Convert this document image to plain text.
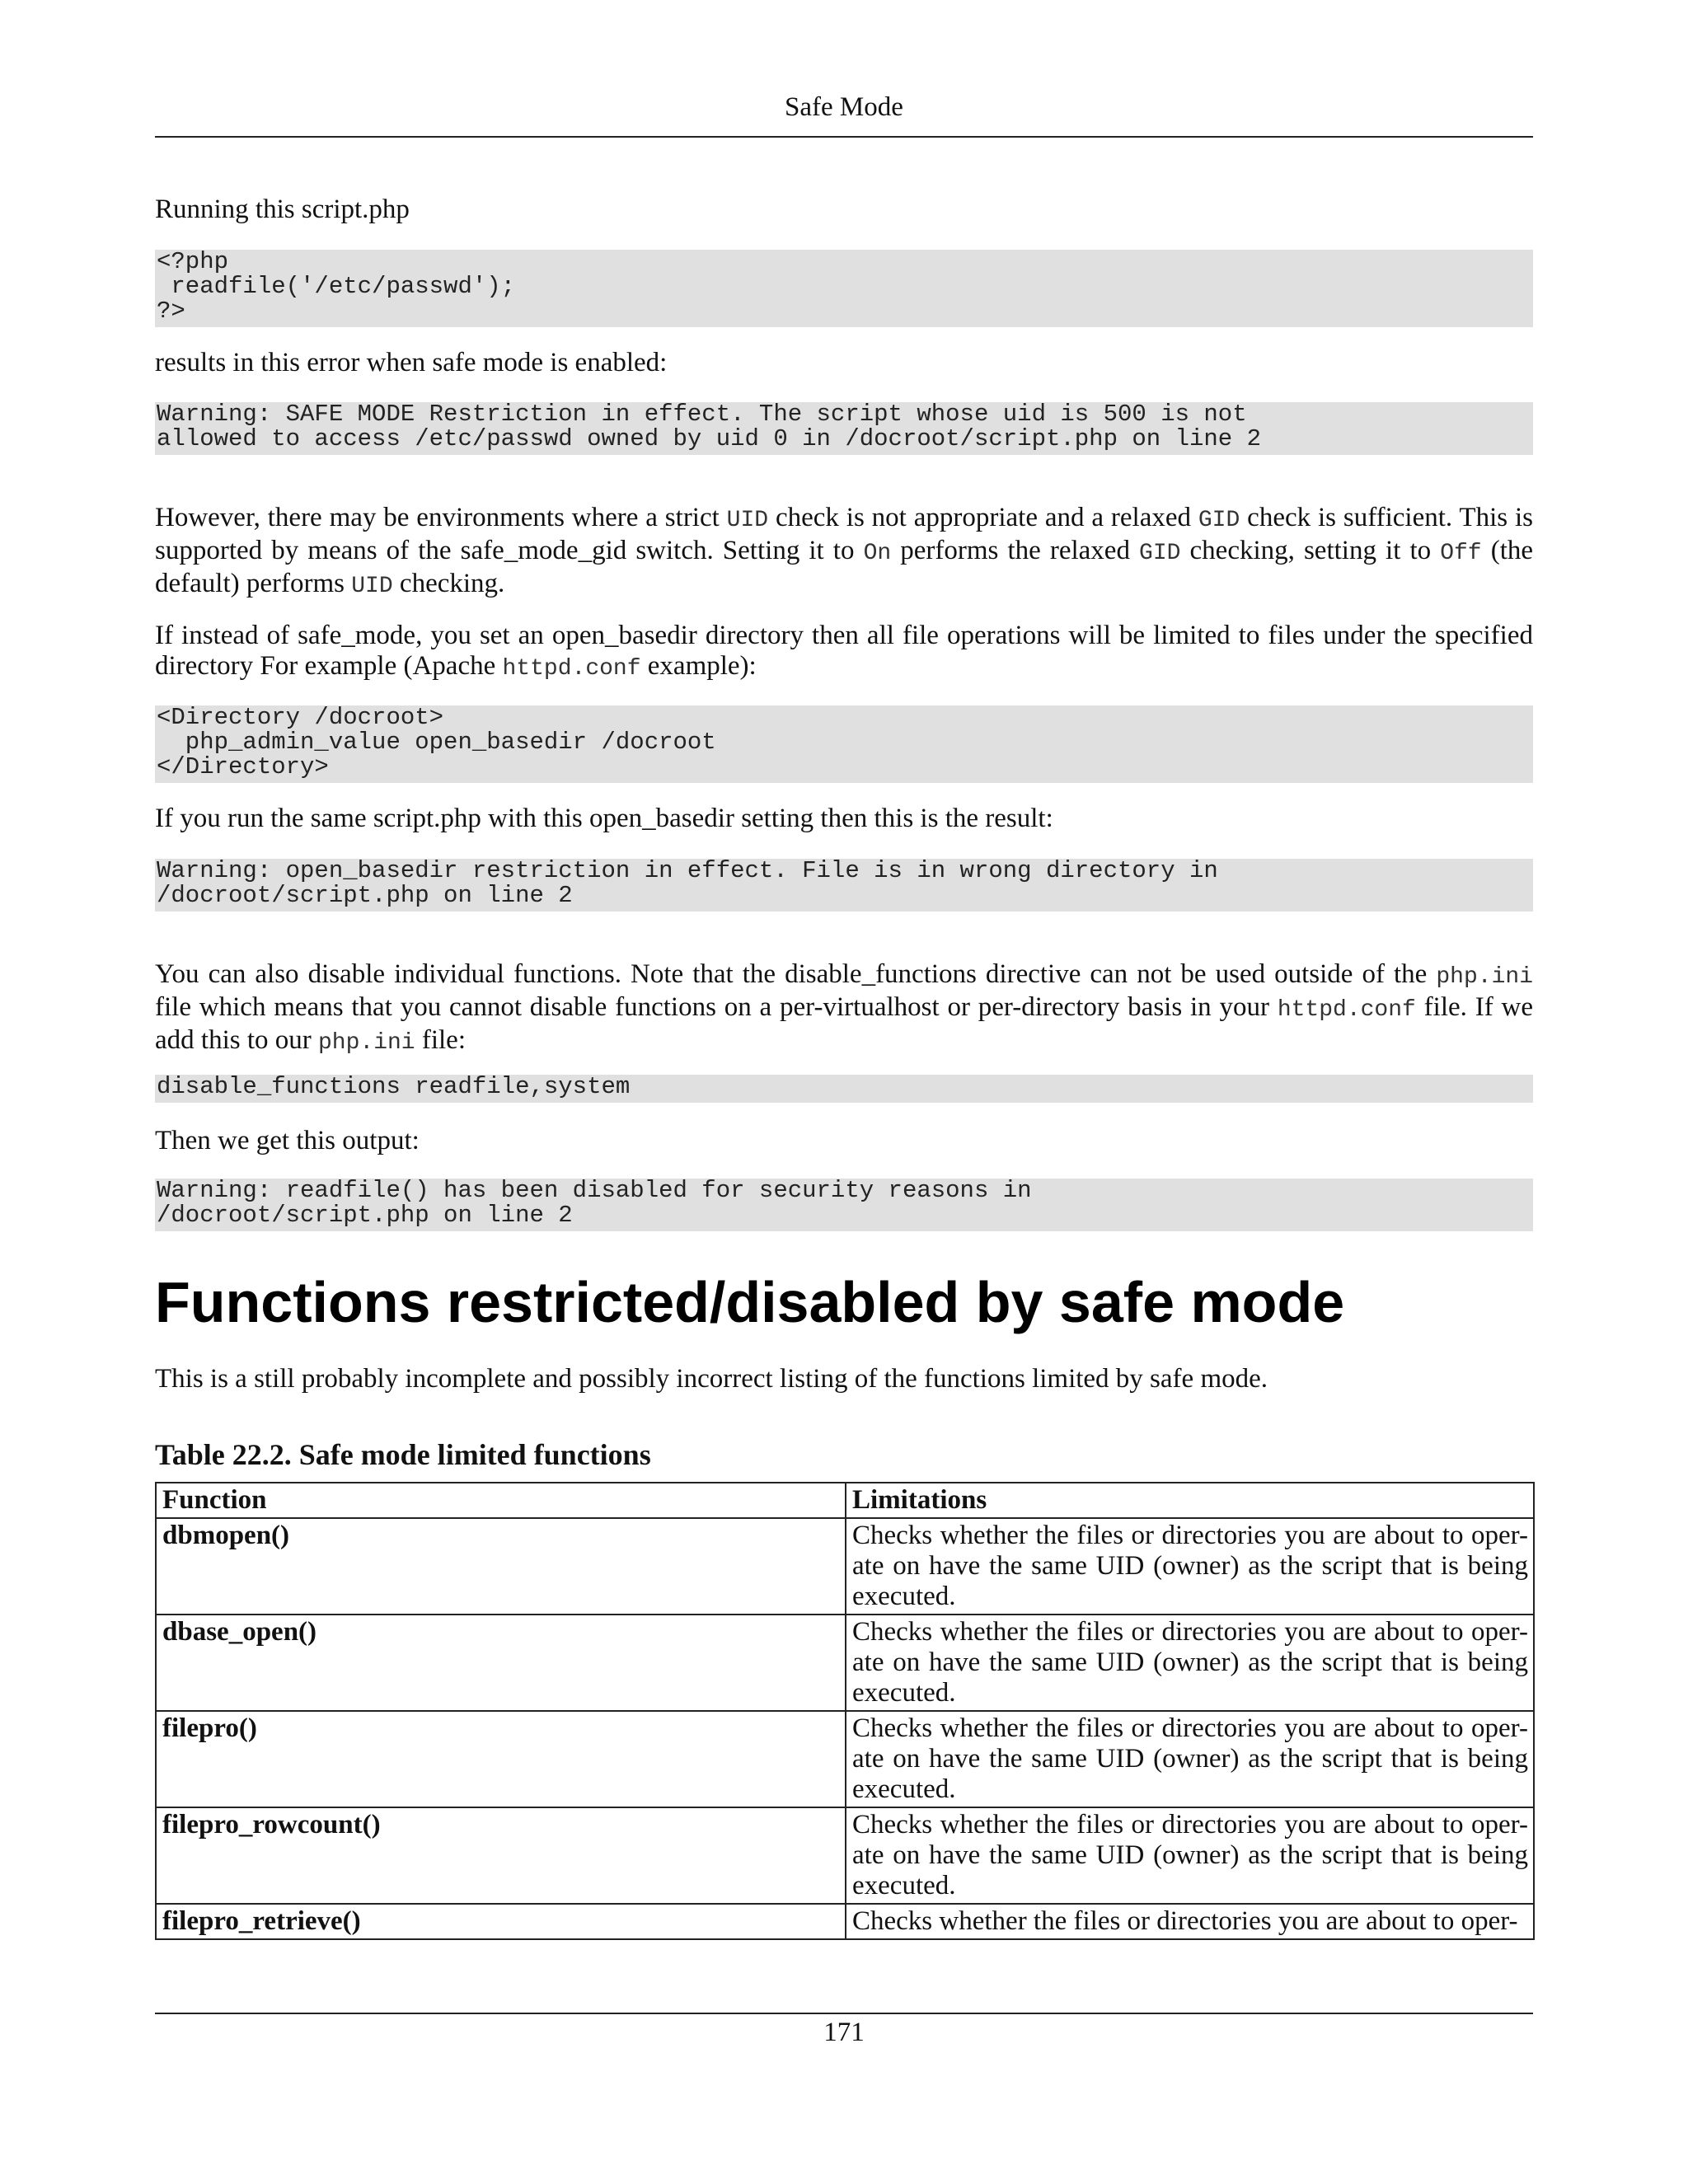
Safe Mode

Running this script.php

<?php
readfile('/etc/passwd');
?>

results in this error when safe mode is enabled:

Warning: SAFE MODE Restriction in effect. The script whose uid is 500 is not
allowed to access /etc/passwd owned by uid 0 in /docroot/script.php on line 2

However, there may be environments where a strict UID check is not appropriate and a relaxed GID check is sufficient. This is supported by means of the safe_mode_gid switch. Setting it to On performs the relaxed GID checking, setting it to Off (the default) performs UID checking.

If instead of safe_mode, you set an open_basedir directory then all file operations will be limited to files under the specified directory For example (Apache httpd.conf example):

<Directory /docroot>
php_admin_value open_basedir /docroot
</Directory>

If you run the same script.php with this open_basedir setting then this is the result:

Warning: open_basedir restriction in effect. File is in wrong directory in
/docroot/script.php on line 2

You can also disable individual functions. Note that the disable_functions directive can not be used outside of the php.ini file which means that you cannot disable functions on a per-virtualhost or per-directory basis in your httpd.conf file. If we add this to our php.ini file:

disable_functions readfile,system

Then we get this output:

Warning: readfile() has been disabled for security reasons in
/docroot/script.php on line 2
Functions restricted/disabled by safe mode

This is a still probably incomplete and possibly incorrect listing of the functions limited by safe mode.

Table 22.2. Safe mode limited functions

Function	Limitations
dbmopen()	Checks whether the files or directories you are about to oper-ate on have the same UID (owner) as the script that is being executed.
dbase_open()	Checks whether the files or directories you are about to oper-ate on have the same UID (owner) as the script that is being executed.
filepro()	Checks whether the files or directories you are about to oper-ate on have the same UID (owner) as the script that is being executed.
filepro_rowcount()	Checks whether the files or directories you are about to oper-ate on have the same UID (owner) as the script that is being executed.
filepro_retrieve()	Checks whether the files or directories you are about to oper-
171
